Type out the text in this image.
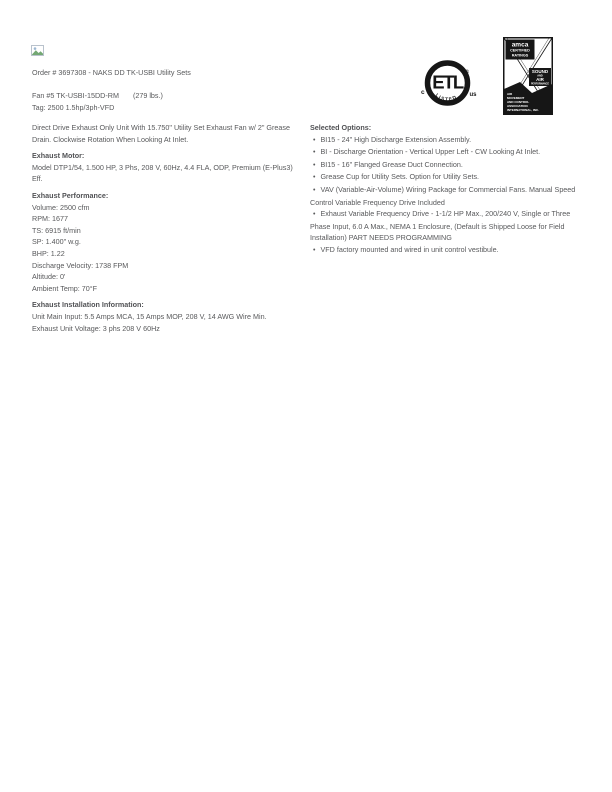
Order # 3697308 - NAKS DD TK-USBI Utility Sets
Fan #5 TK-USBI-15DD-RM (279 lbs.)
Tag: 2500 1.5hp/3ph-VFD
ETL
LISTED
c	us
®
amca
CERTIFIED
RATINGS
SOUND
AND
AIR
PERFORMANCE
AIR
MOVEMENT
AND CONTROL
ASSOCIATION
INTERNATIONAL, INC.

Direct Drive Exhaust Only Unit With 15.750" Utility Set Exhaust Fan w/ 2" Grease Drain. Clockwise Rotation When Looking At Inlet.

Exhaust Motor:
Model DTP1/54, 1.500 HP, 3 Phs, 208 V, 60Hz, 4.4 FLA, ODP, Premium (E-Plus3) Eff.
Exhaust Performance:
Volume: 2500 cfm
RPM: 1677
TS: 6915 ft/min
SP: 1.400" w.g.
BHP: 1.22
Discharge Velocity: 1738 FPM
Altitude: 0'
Ambient Temp: 70°F
Exhaust Installation Information:
Unit Main Input: 5.5 Amps MCA, 15 Amps MOP, 208 V, 14 AWG Wire Min.
Exhaust Unit Voltage: 3 phs 208 V 60Hz
Selected Options:

• BI15 - 24" High Discharge Extension Assembly.

• BI - Discharge Orientation - Vertical Upper Left - CW Looking At Inlet.

• BI15 - 16" Flanged Grease Duct Connection.

• Grease Cup for Utility Sets. Option for Utility Sets.

• VAV (Variable-Air-Volume) Wiring Package for Commercial Fans. Manual Speed Control Variable Frequency Drive Included

• Exhaust Variable Frequency Drive - 1-1/2 HP Max., 200/240 V, Single or Three Phase Input, 6.0 A Max., NEMA 1 Enclosure, (Default is Shipped Loose for Field Installation) PART NEEDS PROGRAMMING

• VFD factory mounted and wired in unit control vestibule.
